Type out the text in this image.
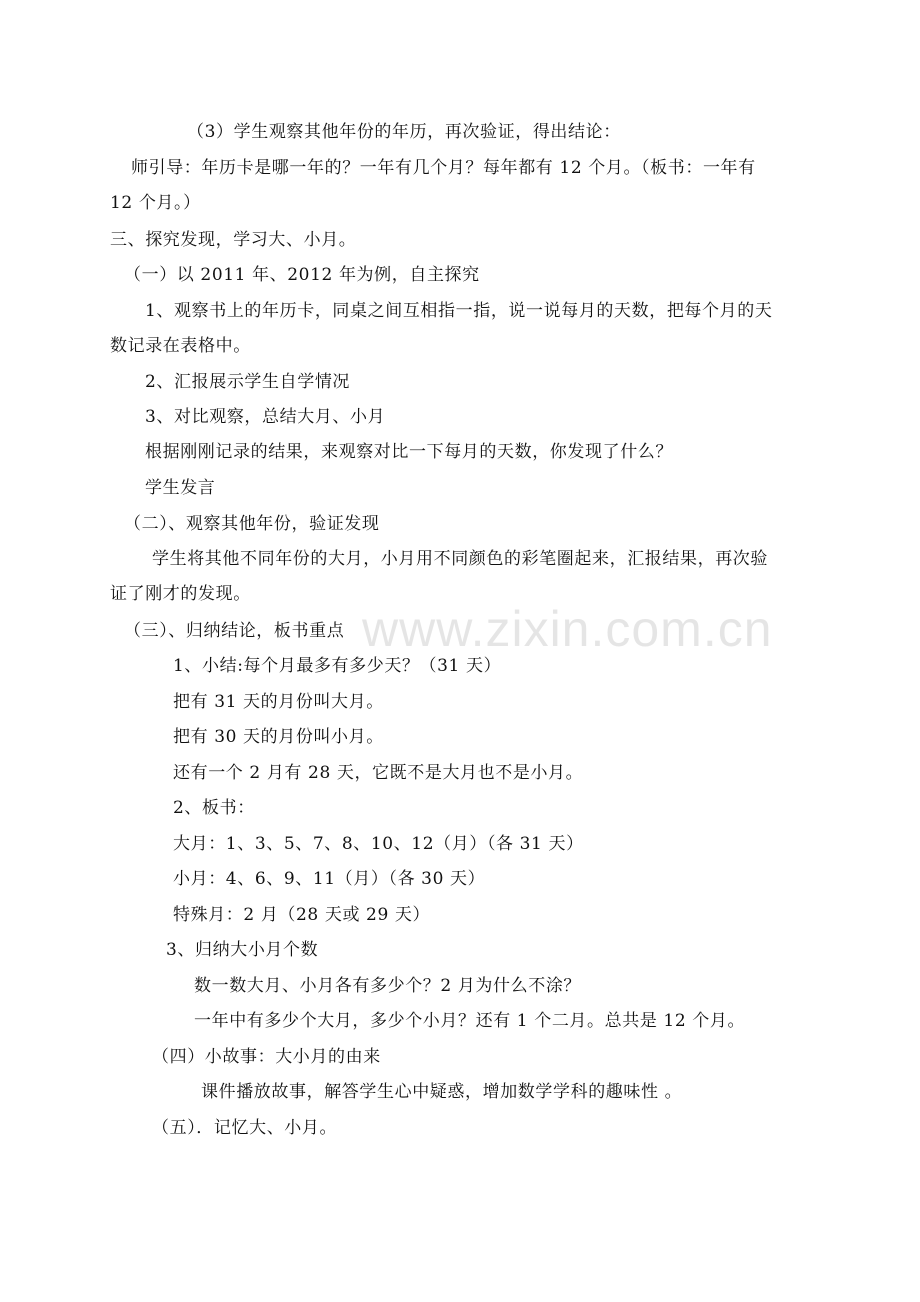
（3）学生观察其他年份的年历，再次验证，得出结论：
师引导：年历卡是哪一年的？一年有几个月？每年都有 12 个月。（板书：一年有
12 个月。）
三、探究发现，学习大、小月。
（一）以 2011 年、2012 年为例，自主探究
1、观察书上的年历卡，同桌之间互相指一指，说一说每月的天数，把每个月的天
数记录在表格中。
2、汇报展示学生自学情况
3、对比观察，总结大月、小月
根据刚刚记录的结果，来观察对比一下每月的天数，你发现了什么？
学生发言
（二）、观察其他年份，验证发现
学生将其他不同年份的大月，小月用不同颜色的彩笔圈起来，汇报结果，再次验
证了刚才的发现。
（三）、归纳结论，板书重点
1、小结:每个月最多有多少天？（31 天）
把有 31 天的月份叫大月。
把有 30 天的月份叫小月。
还有一个 2 月有 28 天，它既不是大月也不是小月。
2、板书：
大月：1、3、5、7、8、10、12（月）（各 31 天）
小月：4、6、9、11（月）（各 30 天）
特殊月：2 月（28 天或 29 天）
3、归纳大小月个数
数一数大月、小月各有多少个？2 月为什么不涂？
一年中有多少个大月，多少个小月？还有 1 个二月。总共是 12 个月。
（四）小故事：大小月的由来
课件播放故事，解答学生心中疑惑，增加数学学科的趣味性 。
（五）．记忆大、小月。
www.zixin.com.cn
